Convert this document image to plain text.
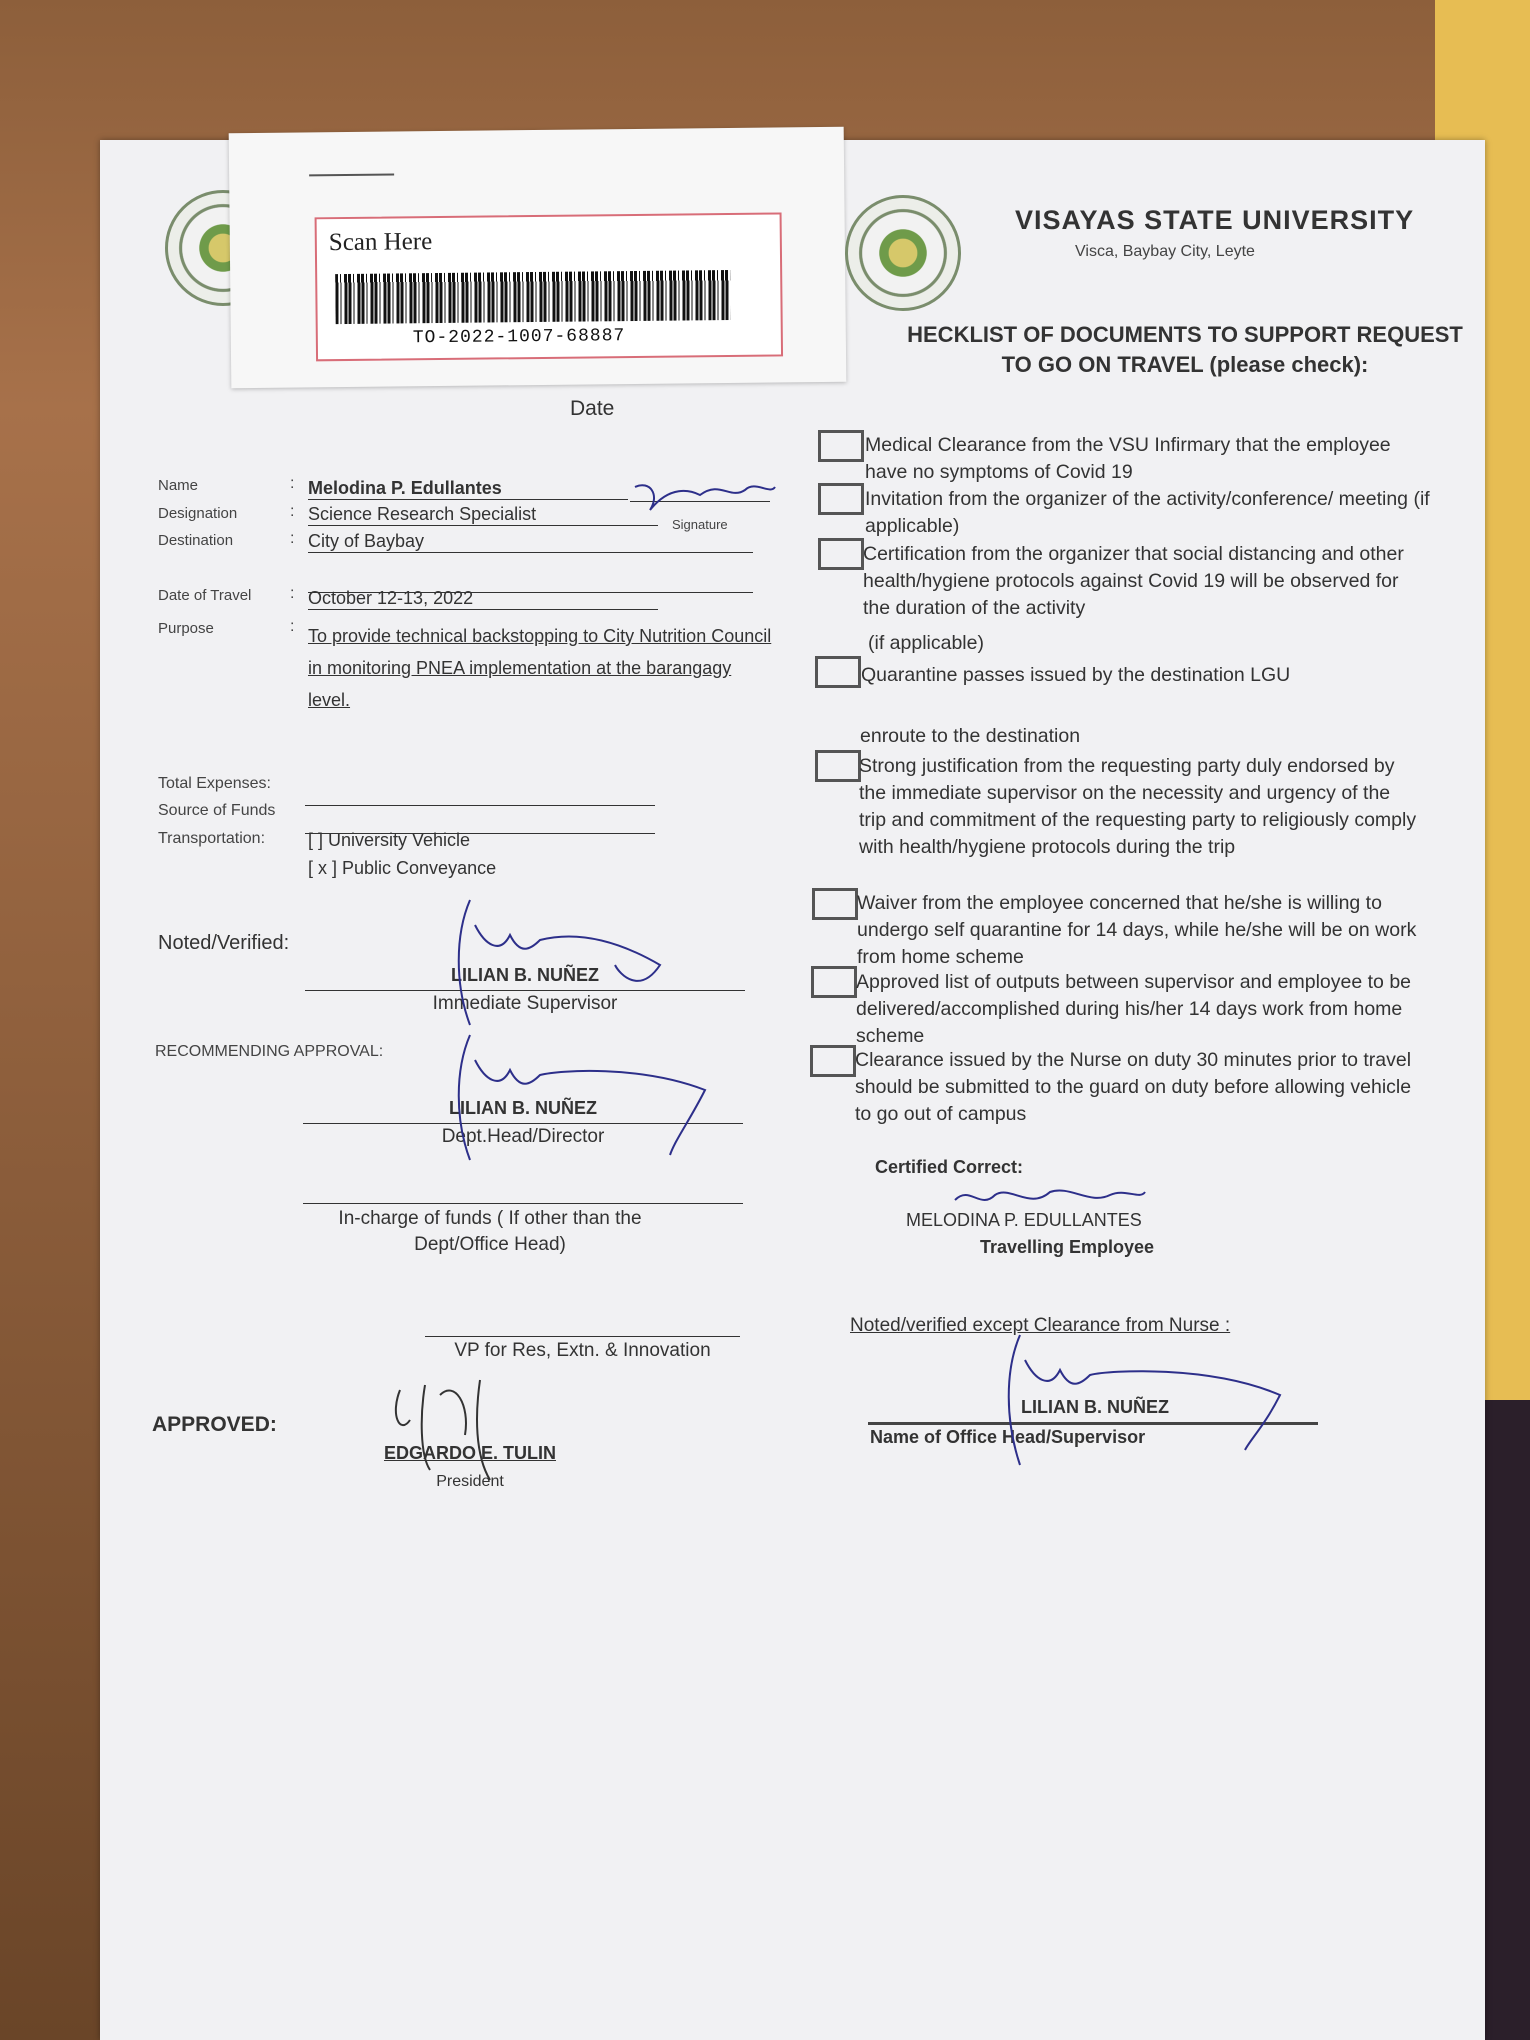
Scan Here
TO-2022-1007-68887
VISAYAS STATE UNIVERSITY
Visca, Baybay City, Leyte
HECKLIST OF DOCUMENTS TO SUPPORT REQUEST
TO GO ON TRAVEL (please check):
Date
Name	: Melodina P. Edullantes
Designation	: Science Research Specialist
Signature
Destination	: City of Baybay
Date of Travel : October 12-13, 2022
Purpose	: To provide technical backstopping to City Nutrition Council in monitoring PNEA implementation at the barangagy level.
Total Expenses:
Source of Funds
Transportation: [ ] University Vehicle
[ x ] Public Conveyance
Noted/Verified:
LILIAN B. NUÑEZ
Immediate Supervisor
RECOMMENDING APPROVAL:
LILIAN B. NUÑEZ
Dept.Head/Director
In-charge of funds ( If other than the
Dept/Office Head)
VP for Res, Extn. & Innovation
APPROVED:
EDGARDO E. TULIN
President
Medical Clearance from the VSU Infirmary that the employee have no symptoms of Covid 19
Invitation from the organizer of the activity/conference/ meeting (if applicable)
Certification from the organizer that social distancing and other health/hygiene protocols against Covid 19 will be observed for the duration of the activity
(if applicable)
Quarantine passes issued by the destination LGU
enroute to the destination
Strong justification from the requesting party duly endorsed by the immediate supervisor on the necessity and urgency of the trip and commitment of the requesting party to religiously comply with health/hygiene protocols during the trip
Waiver from the employee concerned that he/she is willing to undergo self quarantine for 14 days, while he/she will be on work from home scheme
Approved list of outputs between supervisor and employee to be delivered/accomplished during his/her 14 days work from home scheme
Clearance issued by the Nurse on duty 30 minutes prior to travel should be submitted to the guard on duty before allowing vehicle to go out of campus
Certified Correct:
MELODINA P. EDULLANTES
Travelling Employee
Noted/verified except Clearance from Nurse :
LILIAN B. NUÑEZ
Name of Office Head/Supervisor
